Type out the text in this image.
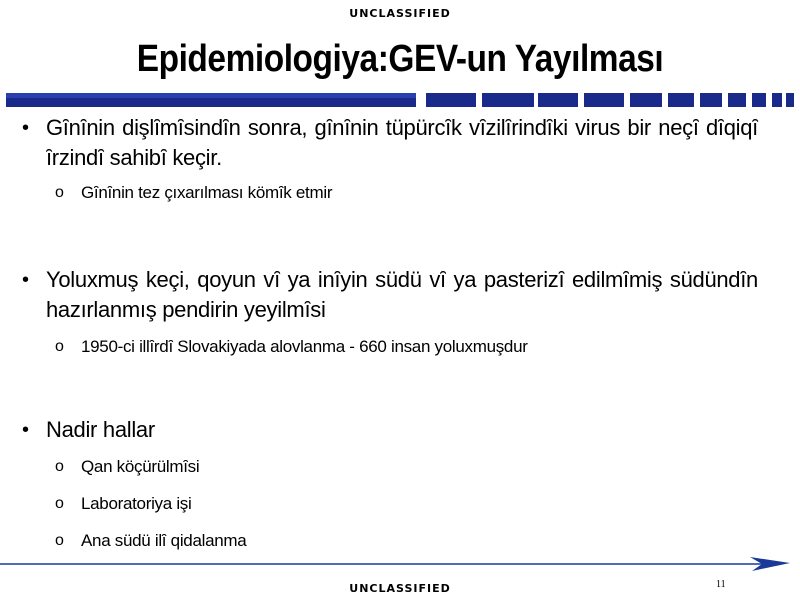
UNCLASSIFIED
Epidemiologiya:GEV-un Yayılması
• Gȋnȋnin dişlȋmȋsindȋn sonra, gȋnȋnin tüpürcȋk vȋzilȋrindȋki virus bir neçȋ dȋqiqȋ ȋrzindȋ sahibȋ keçir.
o Gȋnȋnin tez çıxarılması kömȋk etmir
• Yoluxmuş keçi, qoyun vȋ ya inȋyin südü vȋ ya pasterizȋ edilmȋmiş südündȋn hazırlanmış pendirin yeyilmȋsi
o 1950-ci illȋrdȋ Slovakiyada alovlanma - 660 insan yoluxmuşdur
• Nadir hallar
o Qan köçürülmȋsi
o Laboratoriya işi
o Ana südü ilȋ qidalanma
UNCLASSIFIED	11
